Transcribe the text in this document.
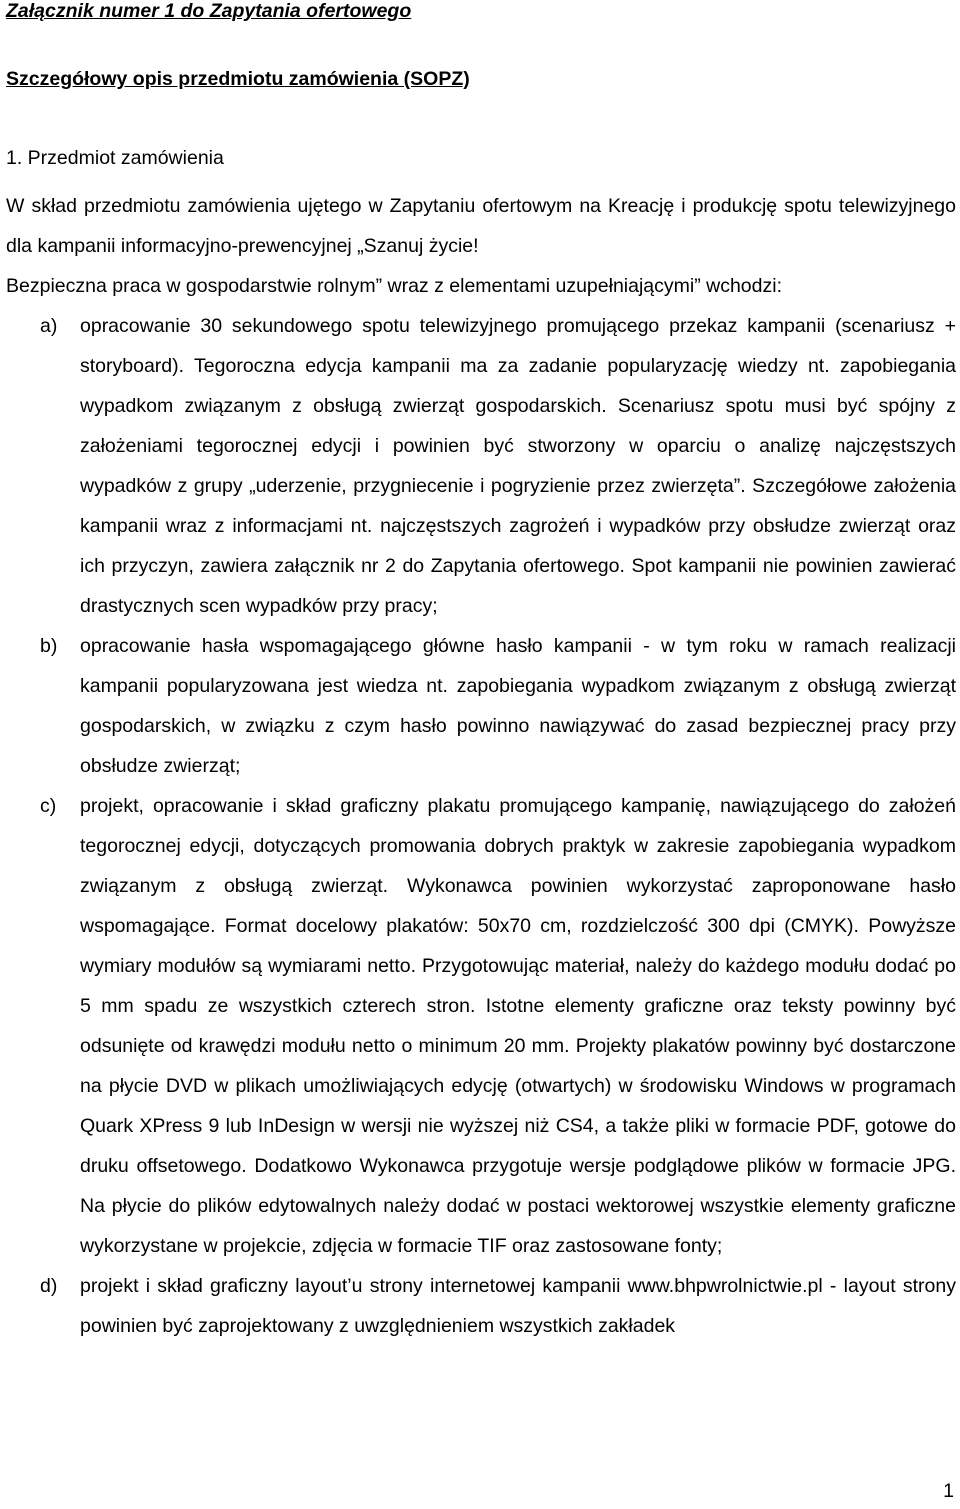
Załącznik numer 1 do Zapytania ofertowego
Szczegółowy opis przedmiotu zamówienia (SOPZ)
1. Przedmiot zamówienia
W skład przedmiotu zamówienia ujętego w Zapytaniu ofertowym na Kreację i produkcję spotu telewizyjnego dla kampanii informacyjno-prewencyjnej „Szanuj życie!
Bezpieczna praca w gospodarstwie rolnym” wraz z elementami uzupełniającymi” wchodzi:
a) opracowanie 30 sekundowego spotu telewizyjnego promującego przekaz kampanii (scenariusz + storyboard). Tegoroczna edycja kampanii ma za zadanie popularyzację wiedzy nt. zapobiegania wypadkom związanym z obsługą zwierząt gospodarskich. Scenariusz spotu musi być spójny z założeniami tegorocznej edycji i powinien być stworzony w oparciu o analizę najczęstszych wypadków z grupy „uderzenie, przygniecenie i pogryzienie przez zwierzęta”. Szczegółowe założenia kampanii wraz z informacjami nt. najczęstszych zagrożeń i wypadków przy obsłudze zwierząt oraz ich przyczyn, zawiera załącznik nr 2 do Zapytania ofertowego. Spot kampanii nie powinien zawierać drastycznych scen wypadków przy pracy;
b) opracowanie hasła wspomagającego główne hasło kampanii - w tym roku w ramach realizacji kampanii popularyzowana jest wiedza nt. zapobiegania wypadkom związanym z obsługą zwierząt gospodarskich, w związku z czym hasło powinno nawiązywać do zasad bezpiecznej pracy przy obsłudze zwierząt;
c) projekt, opracowanie i skład graficzny plakatu promującego kampanię, nawiązującego do założeń tegorocznej edycji, dotyczących promowania dobrych praktyk w zakresie zapobiegania wypadkom związanym z obsługą zwierząt. Wykonawca powinien wykorzystać zaproponowane hasło wspomagające. Format docelowy plakatów: 50x70 cm, rozdzielczość 300 dpi (CMYK). Powyższe wymiary modułów są wymiarami netto. Przygotowując materiał, należy do każdego modułu dodać po 5 mm spadu ze wszystkich czterech stron. Istotne elementy graficzne oraz teksty powinny być odsunięte od krawędzi modułu netto o minimum 20 mm. Projekty plakatów powinny być dostarczone na płycie DVD w plikach umożliwiających edycję (otwartych) w środowisku Windows w programach Quark XPress 9 lub InDesign w wersji nie wyższej niż CS4, a także pliki w formacie PDF, gotowe do druku offsetowego. Dodatkowo Wykonawca przygotuje wersje podglądowe plików w formacie JPG. Na płycie do plików edytowalnych należy dodać w postaci wektorowej wszystkie elementy graficzne wykorzystane w projekcie, zdjęcia w formacie TIF oraz zastosowane fonty;
d) projekt i skład graficzny layout’u strony internetowej kampanii www.bhpwrolnictwie.pl - layout strony powinien być zaprojektowany z uwzględnieniem wszystkich zakładek
1
